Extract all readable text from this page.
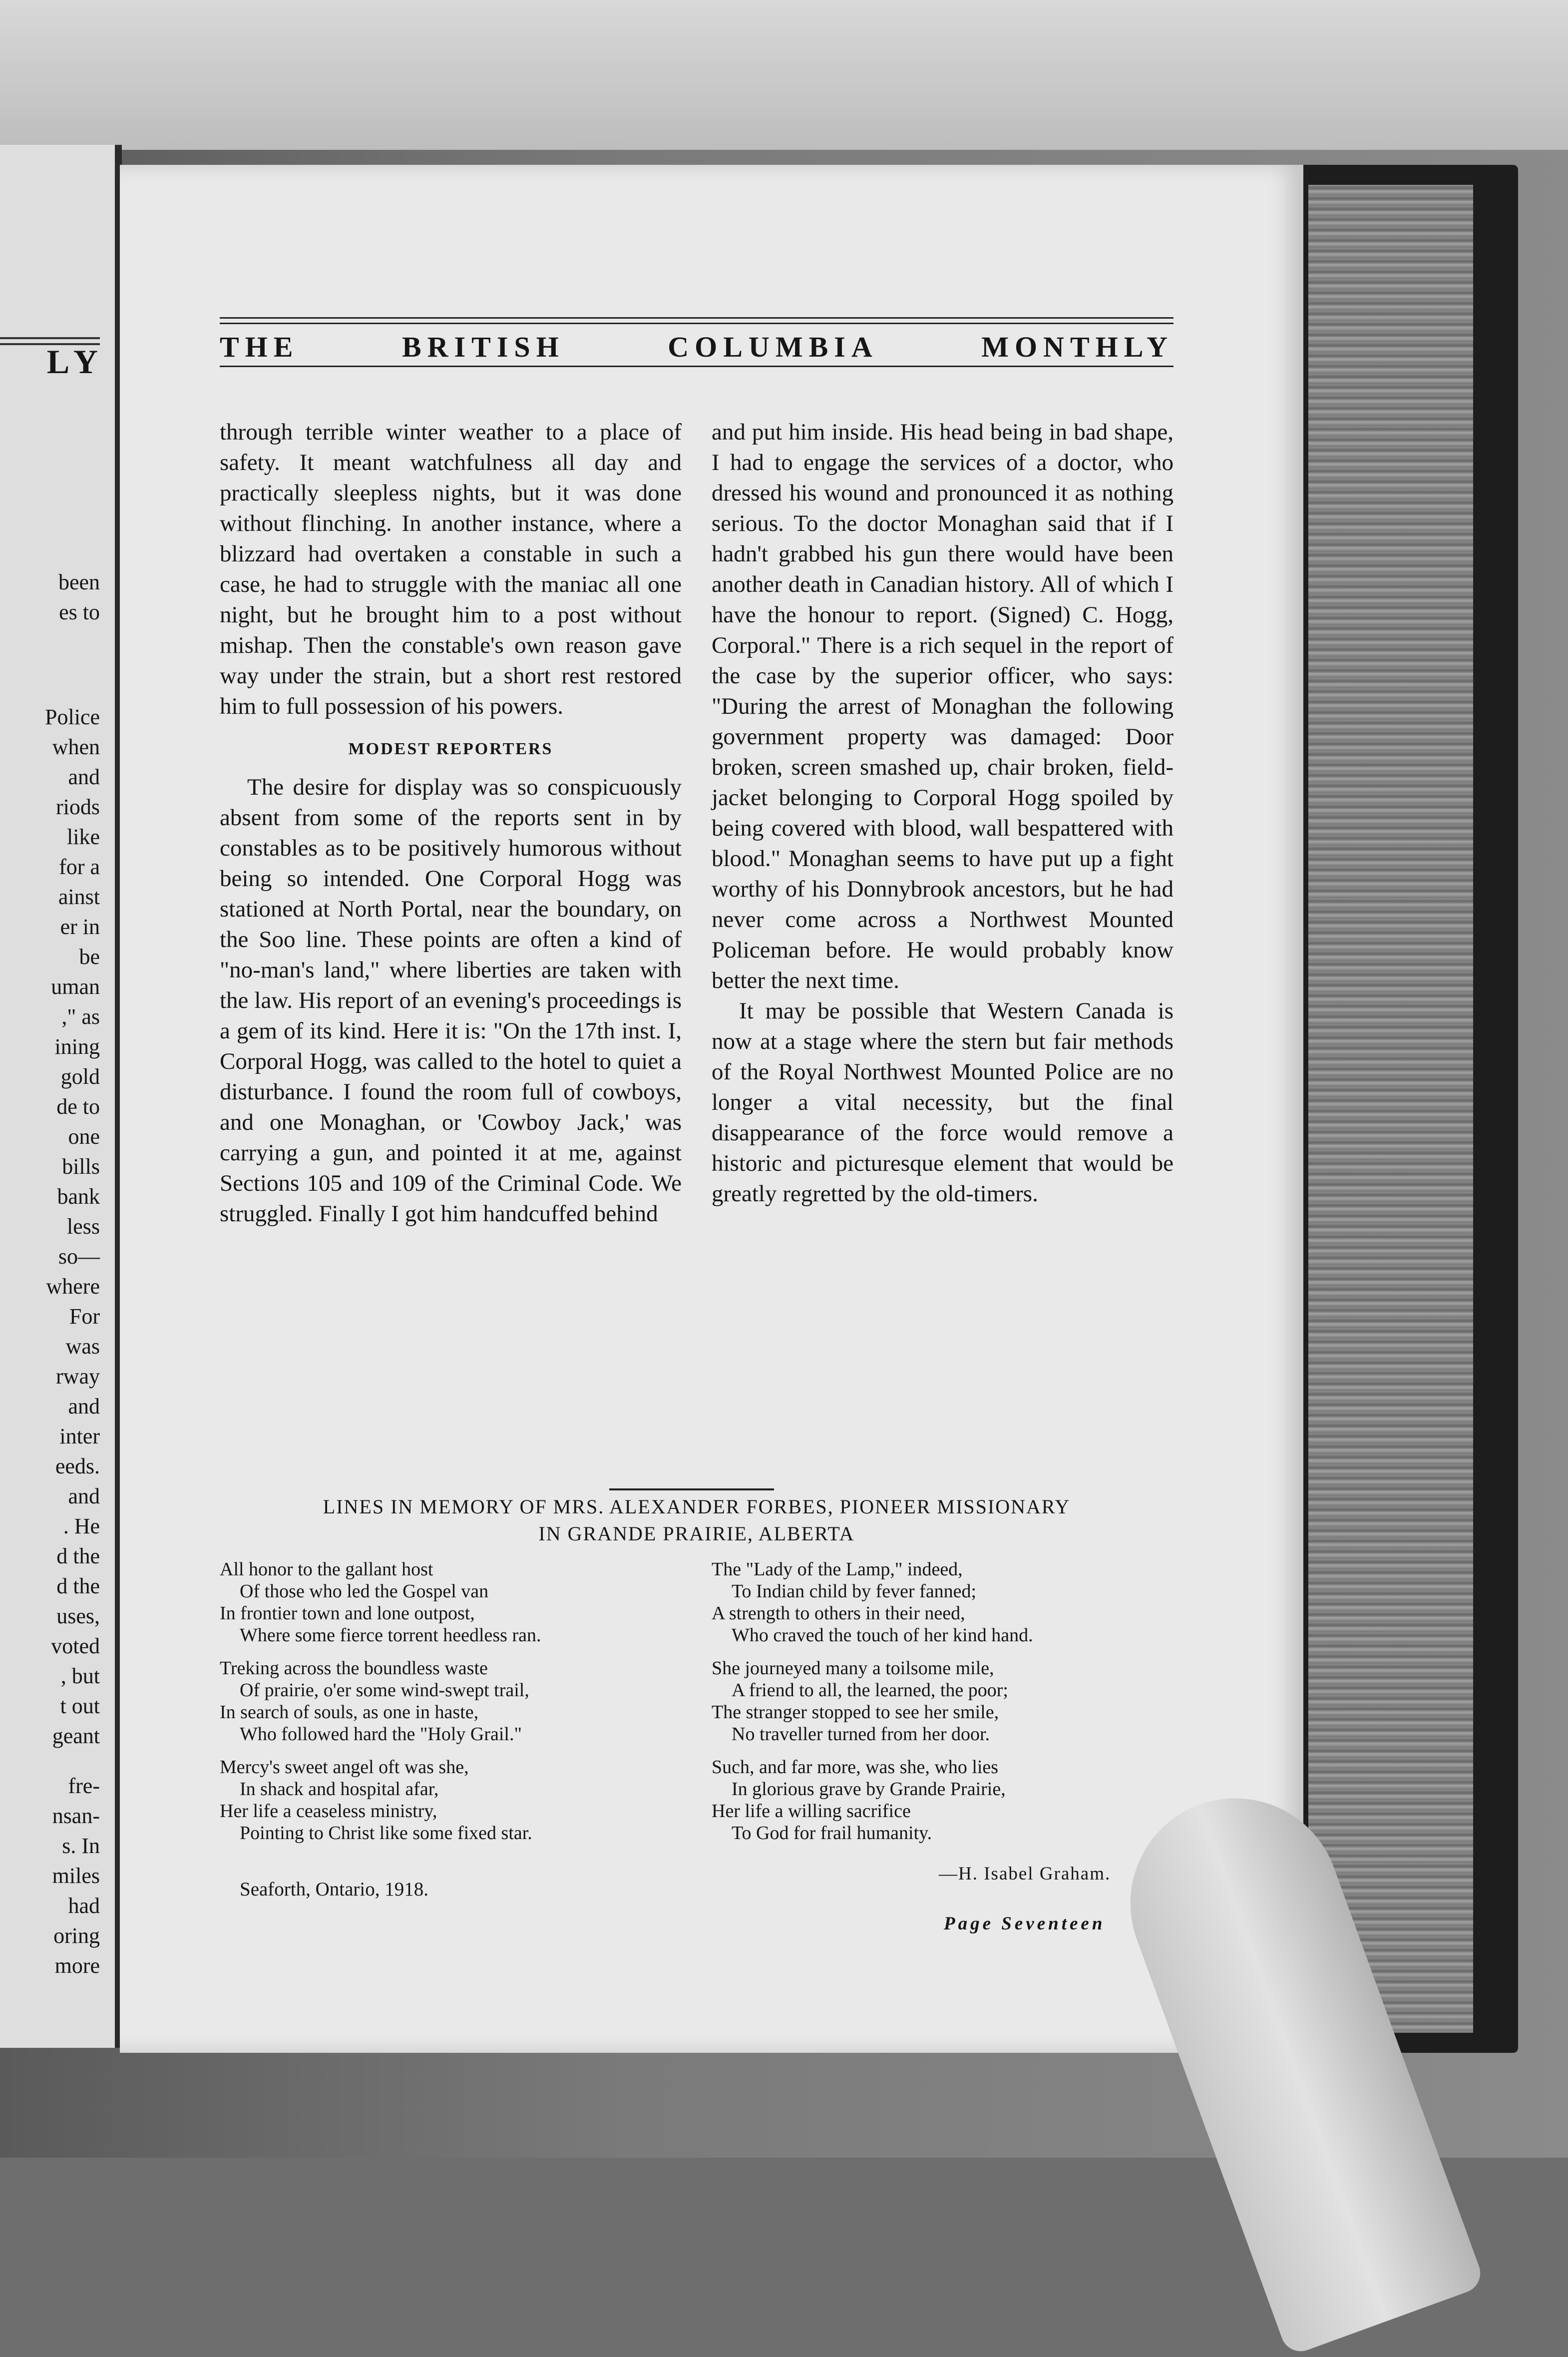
LY
been
es to
Police
when
and
riods
like
for a
ainst
er in
be
uman
," as
ining
gold
de to
one
bills
bank
less
so—
where
For
was
rway
and
inter
eeds.
and
. He
d the
d the
uses,
voted
, but
t out
geant
fre-
nsan-
s. In
miles
had
oring
more
THE	BRITISH	COLUMBIA	MONTHLY

through terrible winter weather to a place of safety. It meant watchfulness all day and practically sleepless nights, but it was done without flinching. In another instance, where a blizzard had overtaken a constable in such a case, he had to struggle with the maniac all one night, but he brought him to a post without mishap. Then the constable's own reason gave way under the strain, but a short rest restored him to full possession of his powers.

MODEST REPORTERS

The desire for display was so conspicuously absent from some of the reports sent in by constables as to be positively humorous without being so intended. One Corporal Hogg was stationed at North Portal, near the boundary, on the Soo line. These points are often a kind of "no-man's land," where liberties are taken with the law. His report of an evening's proceedings is a gem of its kind. Here it is: "On the 17th inst. I, Corporal Hogg, was called to the hotel to quiet a disturbance. I found the room full of cowboys, and one Monaghan, or 'Cowboy Jack,' was carrying a gun, and pointed it at me, against Sections 105 and 109 of the Criminal Code. We struggled. Finally I got him handcuffed behind

and put him inside. His head being in bad shape, I had to engage the services of a doctor, who dressed his wound and pronounced it as nothing serious. To the doctor Monaghan said that if I hadn't grabbed his gun there would have been another death in Canadian history. All of which I have the honour to report. (Signed) C. Hogg, Corporal." There is a rich sequel in the report of the case by the superior officer, who says: "During the arrest of Monaghan the following government property was damaged: Door broken, screen smashed up, chair broken, field-jacket belonging to Corporal Hogg spoiled by being covered with blood, wall bespattered with blood." Monaghan seems to have put up a fight worthy of his Donnybrook ancestors, but he had never come across a Northwest Mounted Policeman before. He would probably know better the next time.

It may be possible that Western Canada is now at a stage where the stern but fair methods of the Royal Northwest Mounted Police are no longer a vital necessity, but the final disappearance of the force would remove a historic and picturesque element that would be greatly regretted by the old-timers.

LINES IN MEMORY OF MRS. ALEXANDER FORBES, PIONEER MISSIONARY
IN GRANDE PRAIRIE, ALBERTA
All honor to the gallant host
Of those who led the Gospel van
In frontier town and lone outpost,
Where some fierce torrent heedless ran.
Treking across the boundless waste
Of prairie, o'er some wind-swept trail,
In search of souls, as one in haste,
Who followed hard the "Holy Grail."
Mercy's sweet angel oft was she,
In shack and hospital afar,
Her life a ceaseless ministry,
Pointing to Christ like some fixed star.
The "Lady of the Lamp," indeed,
To Indian child by fever fanned;
A strength to others in their need,
Who craved the touch of her kind hand.
She journeyed many a toilsome mile,
A friend to all, the learned, the poor;
The stranger stopped to see her smile,
No traveller turned from her door.
Such, and far more, was she, who lies
In glorious grave by Grande Prairie,
Her life a willing sacrifice
To God for frail humanity.
—H. Isabel Graham.
Seaforth, Ontario, 1918.
Page Seventeen
